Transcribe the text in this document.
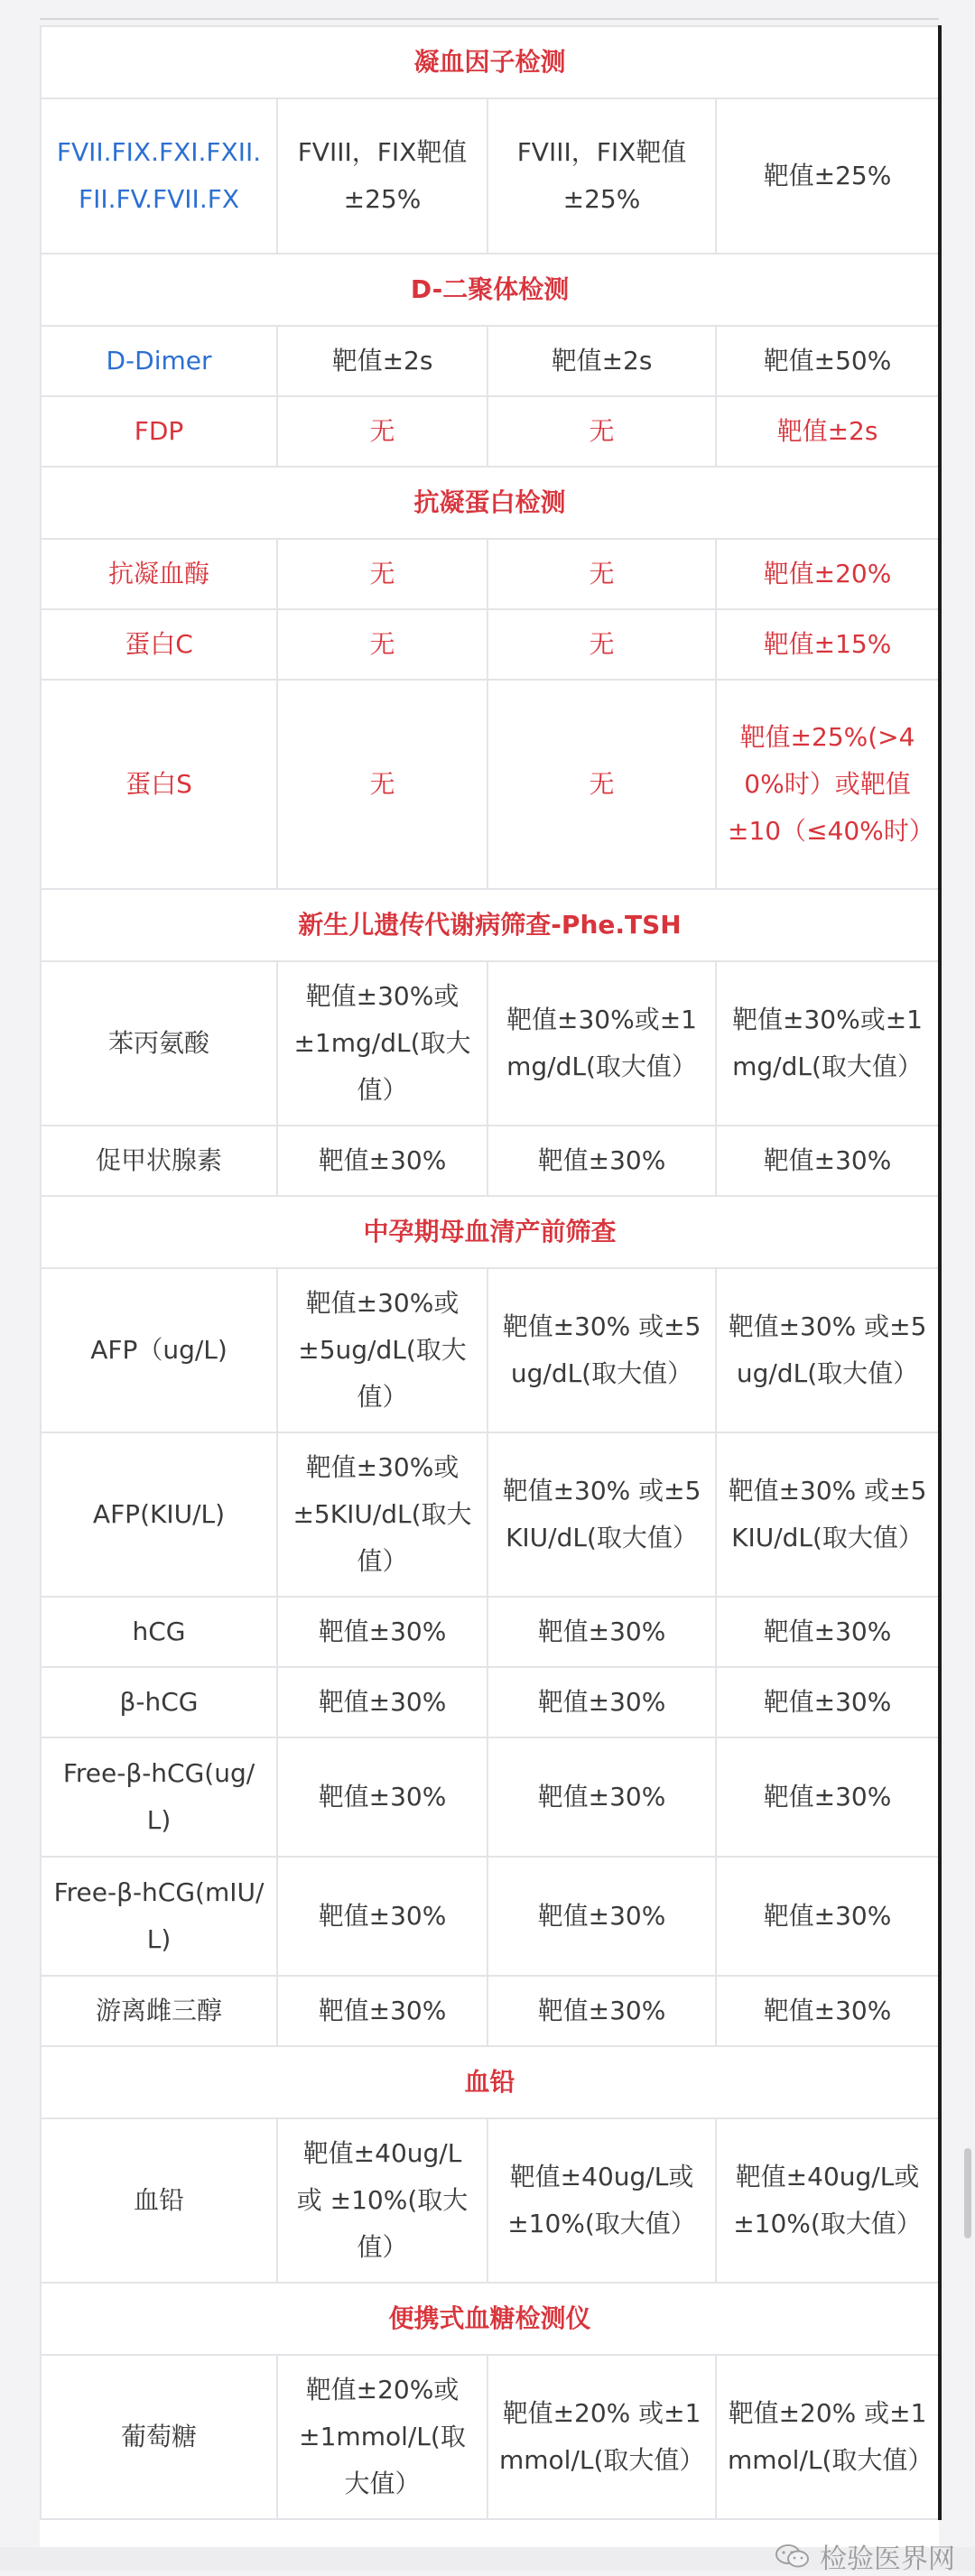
凝血因子检测			
FVII.FIX.FXI.FXII.FII.FV.FVII.FX	FVIII，FIX靶值±25%	FVIII，FIX靶值±25%	靶值±25%
D-二聚体检测			
D-Dimer	靶值±2s	靶值±2s	靶值±50%
FDP	无	无	靶值±2s
抗凝蛋白检测			
抗凝血酶	无	无	靶值±20%
蛋白C	无	无	靶值±15%
蛋白S	无	无	靶值±25%(>40%时）或靶值±10（≤40%时）
新生儿遗传代谢病筛查-Phe.TSH			
苯丙氨酸	靶值±30%或±1mg/dL(取大值）	靶值±30%或±1mg/dL(取大值）	靶值±30%或±1mg/dL(取大值）
促甲状腺素	靶值±30%	靶值±30%	靶值±30%
中孕期母血清产前筛查			
AFP（ug/L)	靶值±30%或 ±5ug/dL(取大值）	靶值±30% 或±5ug/dL(取大值）	靶值±30% 或±5ug/dL(取大值）
AFP(KIU/L)	靶值±30%或 ±5KIU/dL(取大值）	靶值±30% 或±5KIU/dL(取大值）	靶值±30% 或±5KIU/dL(取大值）
hCG	靶值±30%	靶值±30%	靶值±30%
β-hCG	靶值±30%	靶值±30%	靶值±30%
Free-β-hCG(ug/L)	靶值±30%	靶值±30%	靶值±30%
Free-β-hCG(mIU/L)	靶值±30%	靶值±30%	靶值±30%
游离雌三醇	靶值±30%	靶值±30%	靶值±30%
血铅			
血铅	靶值±40ug/L 或 ±10%(取大值）	靶值±40ug/L或 ±10%(取大值）	靶值±40ug/L或 ±10%(取大值）
便携式血糖检测仪			
葡萄糖	靶值±20%或 ±1mmol/L(取大值）	靶值±20% 或±1mmol/L(取大值）	靶值±20% 或±1mmol/L(取大值）
检验医界网
